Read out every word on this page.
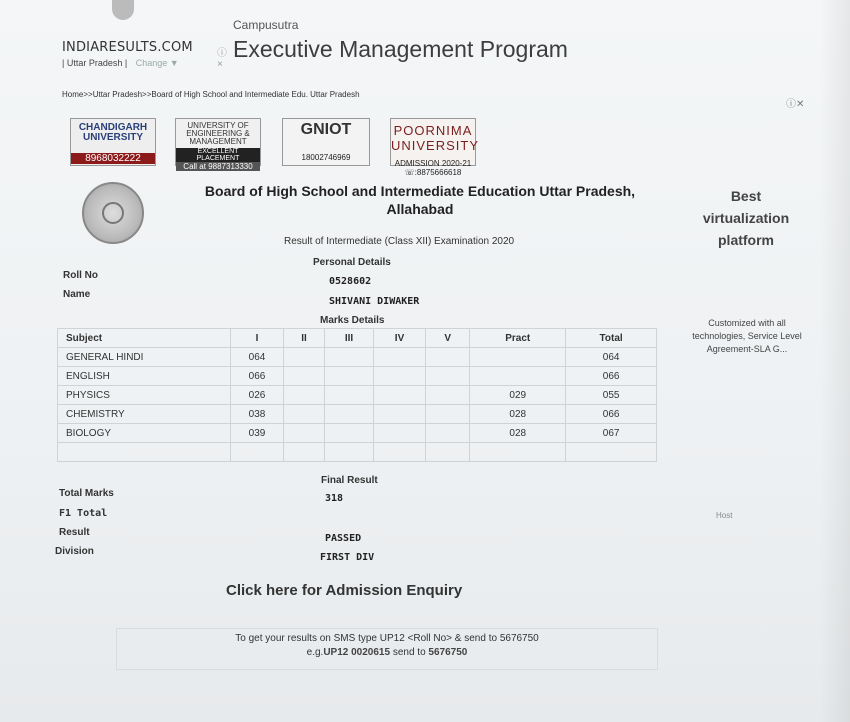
INDIARESULTS.COM
| Uttar Pradesh | Change ▼
ⓘ
×
Campusutra
Executive Management Program
Home>>Uttar Pradesh>>Board of High School and Intermediate Edu. Uttar Pradesh
CHANDIGARH UNIVERSITY
8968032222
UNIVERSITY OF ENGINEERING & MANAGEMENT
EXCELLENT PLACEMENT
Call at 9887313330
GNIOT
18002746969
POORNIMA UNIVERSITY
ADMISSION 2020-21
☏:8875666618
Board of High School and Intermediate Education Uttar Pradesh,
Allahabad
Result of Intermediate (Class XII) Examination 2020
Personal Details
Roll No
0528602
Name
SHIVANI DIWAKER
Marks Details
Subject	I	II	III	IV	V	Pract	Total
GENERAL HINDI	064						064
ENGLISH	066						066
PHYSICS	026					029	055
CHEMISTRY	038					028	066
BIOLOGY	039					028	067

Final Result
Total Marks	318
F1 Total
Result
PASSED
Division
FIRST DIV
Click here for Admission Enquiry
To get your results on SMS type UP12 <Roll No> & send to 5676750
e.g.UP12 0020615 send to 5676750
ⓘ✕
Best virtualization platform
Customized with all technologies, Service Level Agreement-SLA G...
Host
